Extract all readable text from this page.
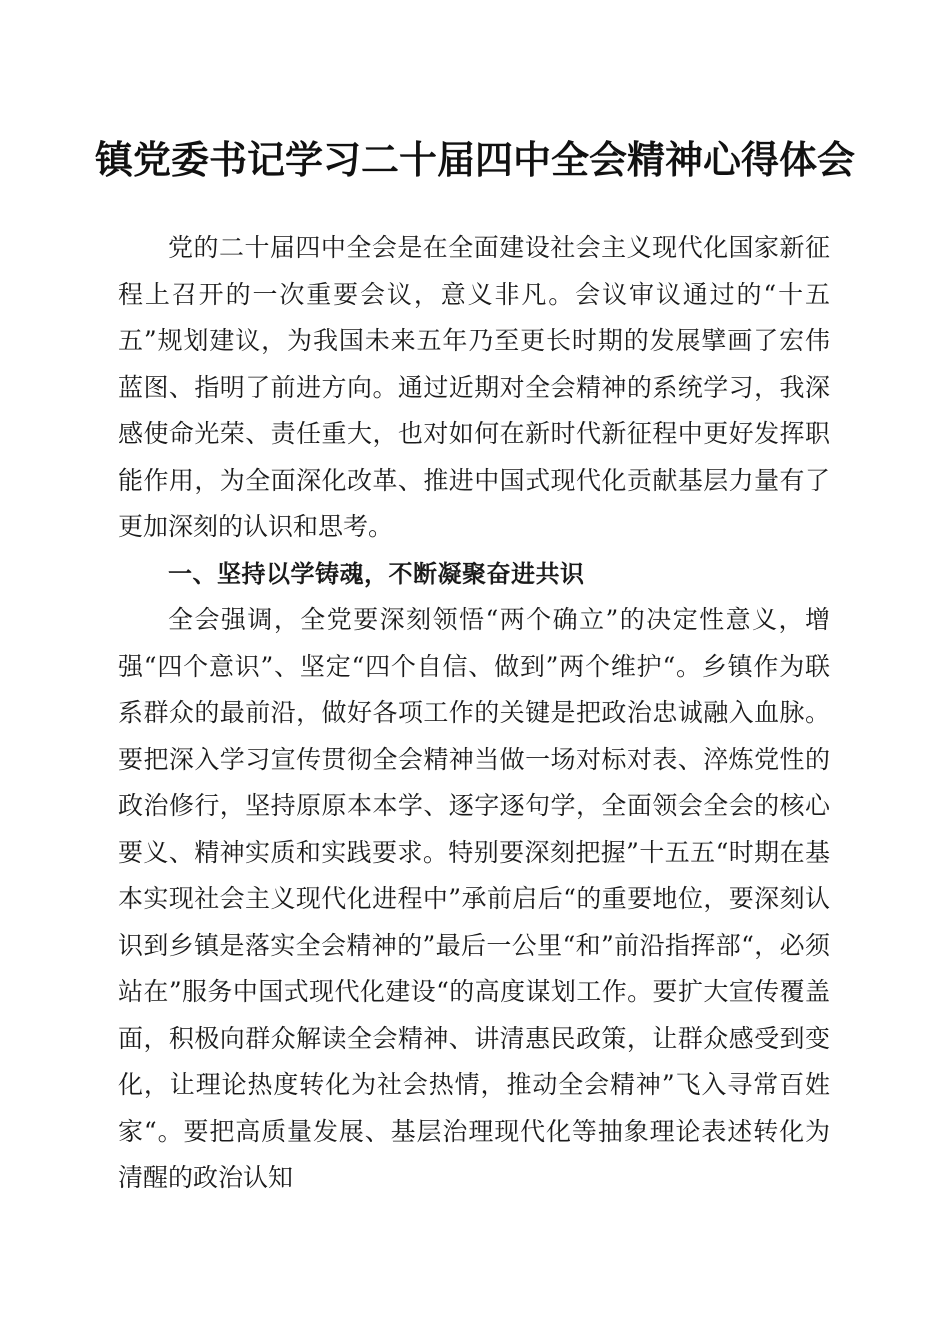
镇党委书记学习二十届四中全会精神心得体会

党的二十届四中全会是在全面建设社会主义现代化国家新征程上召开的一次重要会议，意义非凡。会议审议通过的“十五五”规划建议，为我国未来五年乃至更长时期的发展擘画了宏伟蓝图、指明了前进方向。通过近期对全会精神的系统学习，我深感使命光荣、责任重大，也对如何在新时代新征程中更好发挥职能作用，为全面深化改革、推进中国式现代化贡献基层力量有了更加深刻的认识和思考。

一、坚持以学铸魂，不断凝聚奋进共识

全会强调，全党要深刻领悟“两个确立”的决定性意义，增强“四个意识”、坚定“四个自信、做到”两个维护“。乡镇作为联系群众的最前沿，做好各项工作的关键是把政治忠诚融入血脉。要把深入学习宣传贯彻全会精神当做一场对标对表、淬炼党性的政治修行，坚持原原本本学、逐字逐句学，全面领会全会的核心要义、精神实质和实践要求。特别要深刻把握”十五五“时期在基本实现社会主义现代化进程中”承前启后“的重要地位，要深刻认识到乡镇是落实全会精神的”最后一公里“和”前沿指挥部“，必须站在”服务中国式现代化建设“的高度谋划工作。要扩大宣传覆盖面，积极向群众解读全会精神、讲清惠民政策，让群众感受到变化，让理论热度转化为社会热情，推动全会精神”飞入寻常百姓家“。要把高质量发展、基层治理现代化等抽象理论表述转化为清醒的政治认知
